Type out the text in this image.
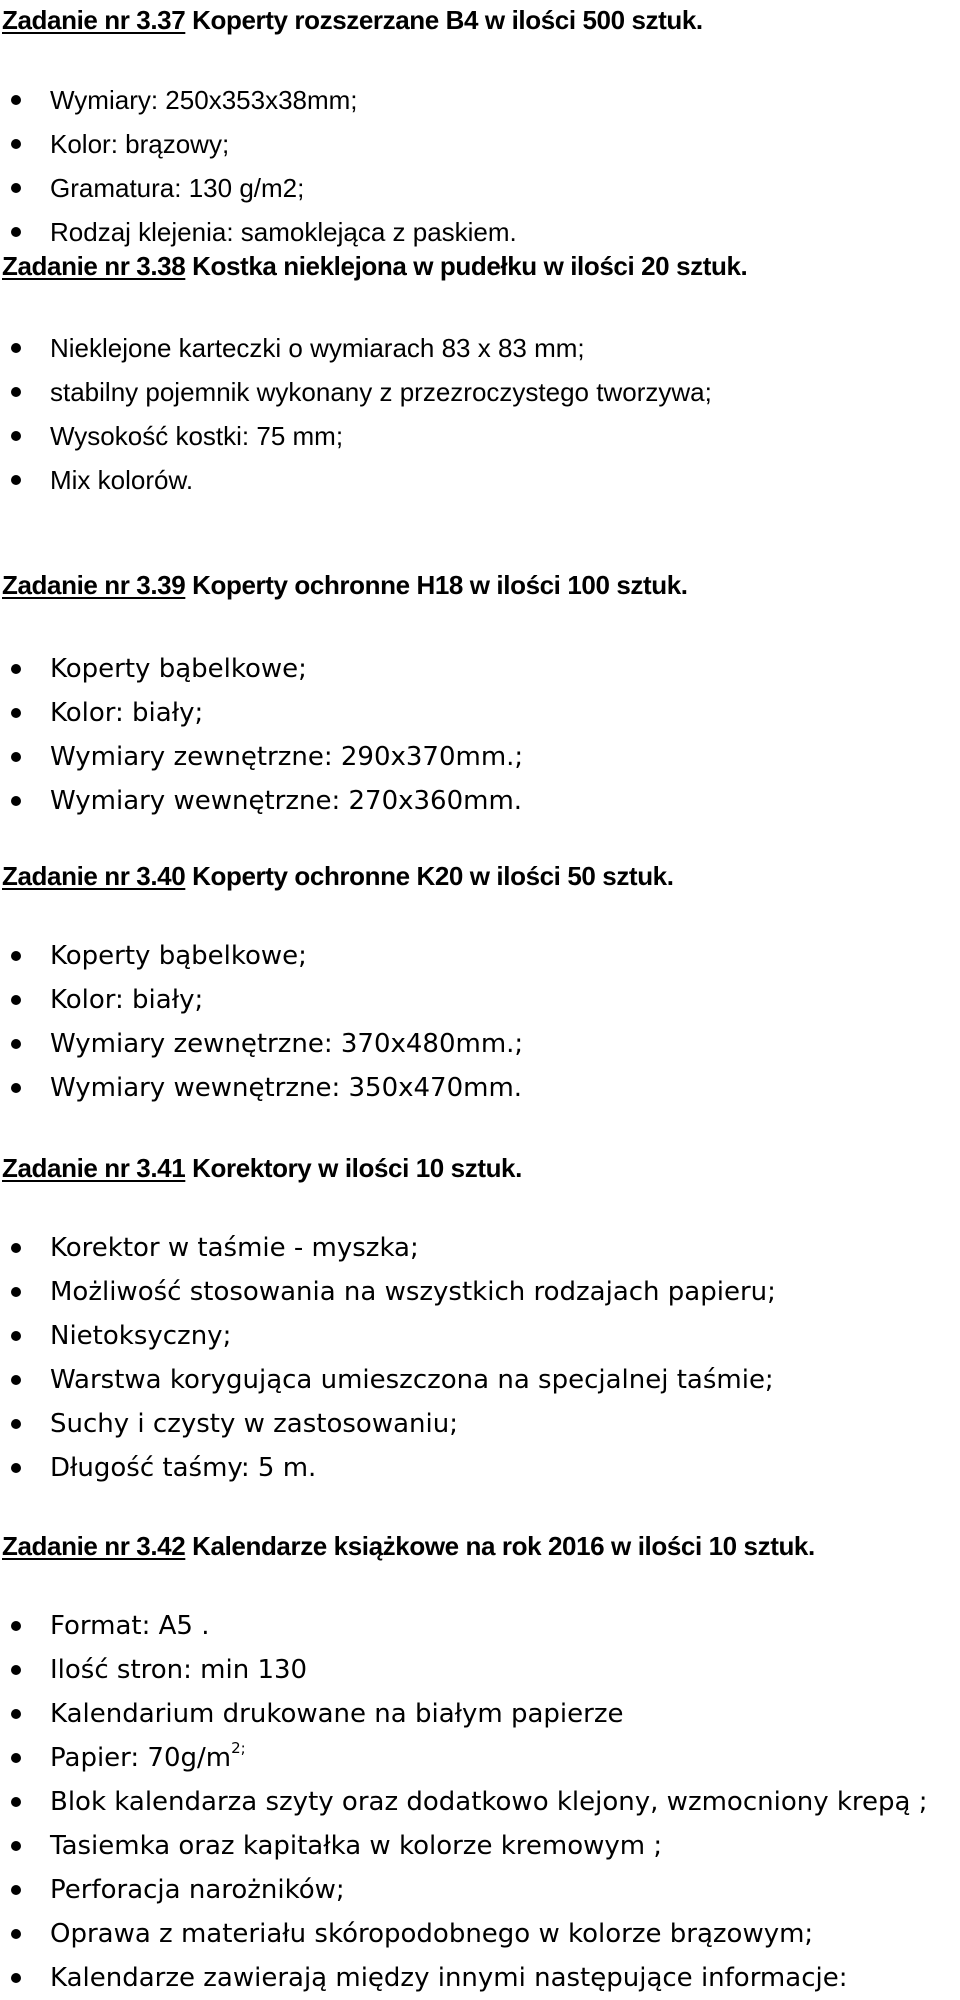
Zadanie nr 3.37 Koperty rozszerzane B4 w ilości 500 sztuk.
Wymiary: 250x353x38mm;
Kolor: brązowy;
Gramatura: 130 g/m2;
Rodzaj klejenia: samoklejąca z paskiem.
Zadanie nr 3.38 Kostka nieklejona w pudełku w ilości 20 sztuk.
Nieklejone karteczki o wymiarach 83 x 83 mm;
stabilny pojemnik wykonany z przezroczystego tworzywa;
Wysokość kostki: 75 mm;
Mix kolorów.
Zadanie nr 3.39 Koperty ochronne H18 w ilości 100 sztuk.
Koperty bąbelkowe;
Kolor: biały;
Wymiary zewnętrzne: 290x370mm.;
Wymiary wewnętrzne: 270x360mm.
Zadanie nr 3.40 Koperty ochronne K20 w ilości 50 sztuk.
Koperty bąbelkowe;
Kolor: biały;
Wymiary zewnętrzne: 370x480mm.;
Wymiary wewnętrzne: 350x470mm.
Zadanie nr 3.41 Korektory w ilości 10 sztuk.
Korektor w taśmie - myszka;
Możliwość stosowania na wszystkich rodzajach papieru;
Nietoksyczny;
Warstwa korygująca umieszczona na specjalnej taśmie;
Suchy i czysty w zastosowaniu;
Długość taśmy: 5 m.
Zadanie nr 3.42 Kalendarze książkowe na rok 2016 w ilości 10 sztuk.
Format: A5 .
Ilość stron: min 130
Kalendarium drukowane na białym papierze
Papier: $70g/m^{2;}$
Blok kalendarza szyty oraz dodatkowo klejony, wzmocniony krepą ;
Tasiemka oraz kapitałka w kolorze kremowym ;
Perforacja narożników;
Oprawa z materiału skóropodobnego w kolorze brązowym;
Kalendarze zawierają między innymi następujące informacje:
